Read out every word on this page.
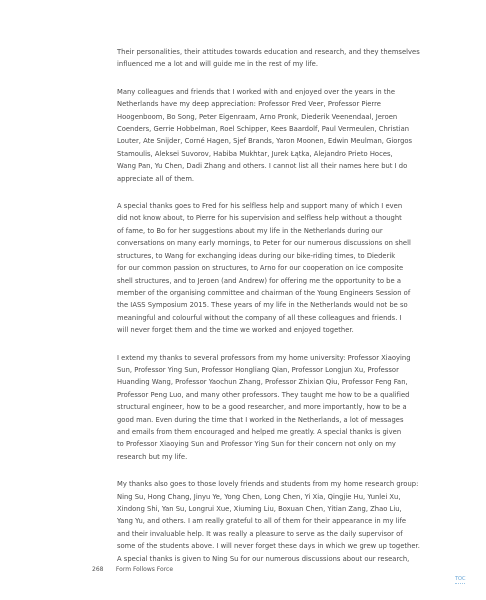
Their personalities, their attitudes towards education and research, and they themselves
influenced me a lot and will guide me in the rest of my life.

Many colleagues and friends that I worked with and enjoyed over the years in the
Netherlands have my deep appreciation: Professor Fred Veer, Professor Pierre
Hoogenboom, Bo Song, Peter Eigenraam, Arno Pronk, Diederik Veenendaal, Jeroen
Coenders, Gerrie Hobbelman, Roel Schipper, Kees Baardolf, Paul Vermeulen, Christian
Louter, Ate Snijder, Corné Hagen, Sjef Brands, Yaron Moonen, Edwin Meulman, Giorgos
Stamoulis, Aleksei Suvorov, Habiba Mukhtar, Jurek Łątka, Alejandro Prieto Hoces,
Wang Pan, Yu Chen, Dadi Zhang and others. I cannot list all their names here but I do
appreciate all of them.

A special thanks goes to Fred for his selfless help and support many of which I even
did not know about, to Pierre for his supervision and selfless help without a thought
of fame, to Bo for her suggestions about my life in the Netherlands during our
conversations on many early mornings, to Peter for our numerous discussions on shell
structures, to Wang for exchanging ideas during our bike-riding times, to Diederik
for our common passion on structures, to Arno for our cooperation on ice composite
shell structures, and to Jeroen (and Andrew) for offering me the opportunity to be a
member of the organising committee and chairman of the Young Engineers Session of
the IASS Symposium 2015. These years of my life in the Netherlands would not be so
meaningful and colourful without the company of all these colleagues and friends. I
will never forget them and the time we worked and enjoyed together.

I extend my thanks to several professors from my home university: Professor Xiaoying
Sun, Professor Ying Sun, Professor Hongliang Qian, Professor Longjun Xu, Professor
Huanding Wang, Professor Yaochun Zhang, Professor Zhixian Qiu, Professor Feng Fan,
Professor Peng Luo, and many other professors. They taught me how to be a qualified
structural engineer, how to be a good researcher, and more importantly, how to be a
good man. Even during the time that I worked in the Netherlands, a lot of messages
and emails from them encouraged and helped me greatly. A special thanks is given
to Professor Xiaoying Sun and Professor Ying Sun for their concern not only on my
research but my life.

My thanks also goes to those lovely friends and students from my home research group:
Ning Su, Hong Chang, Jinyu Ye, Yong Chen, Long Chen, Yi Xia, Qingjie Hu, Yunlei Xu,
Xindong Shi, Yan Su, Longrui Xue, Xiuming Liu, Boxuan Chen, Yitian Zang, Zhao Liu,
Yang Yu, and others. I am really grateful to all of them for their appearance in my life
and their invaluable help. It was really a pleasure to serve as the daily supervisor of
some of the students above. I will never forget these days in which we grew up together.
A special thanks is given to Ning Su for our numerous discussions about our research,

268 Form Follows Force
TOC
